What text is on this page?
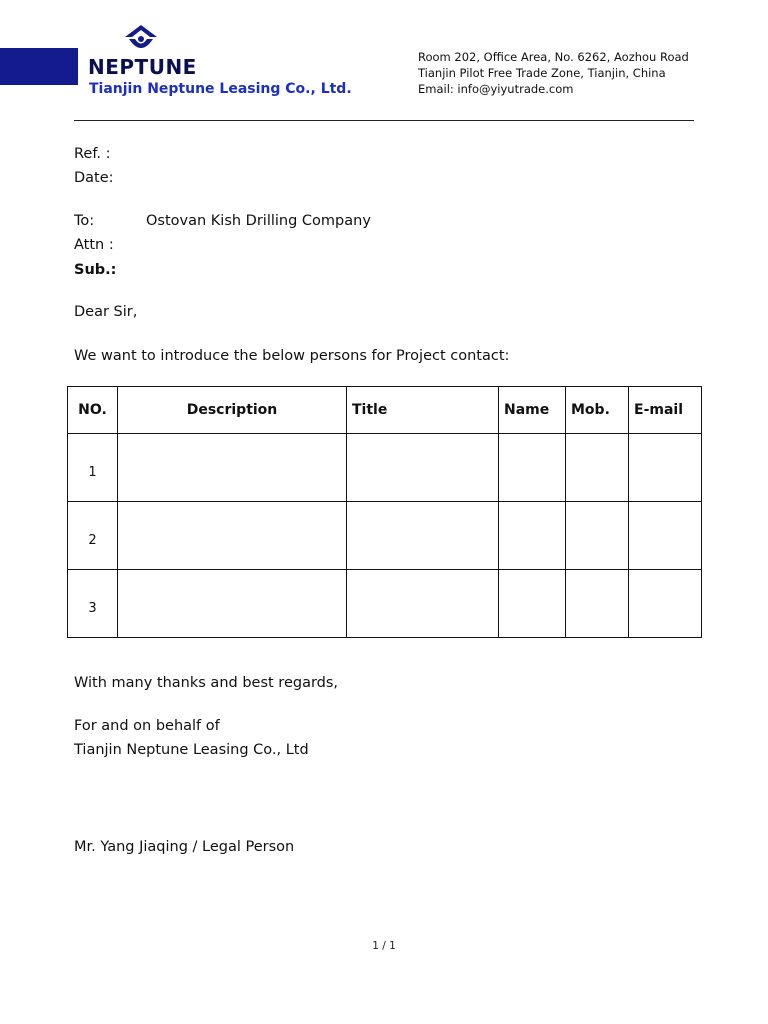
NEPTUNE
Tianjin Neptune Leasing Co., Ltd.
Room 202, Office Area, No. 6262, Aozhou Road
Tianjin Pilot Free Trade Zone, Tianjin, China
Email: info@yiyutrade.com
Ref. :
Date:
To:	Ostovan Kish Drilling Company
Attn :
Sub.:
Dear Sir,
We want to introduce the below persons for Project contact:
NO.	Description	Title	Name	Mob.	E-mail
1					
2					
3					
With many thanks and best regards,
For and on behalf of
Tianjin Neptune Leasing Co., Ltd
Mr. Yang Jiaqing / Legal Person
1 / 1
